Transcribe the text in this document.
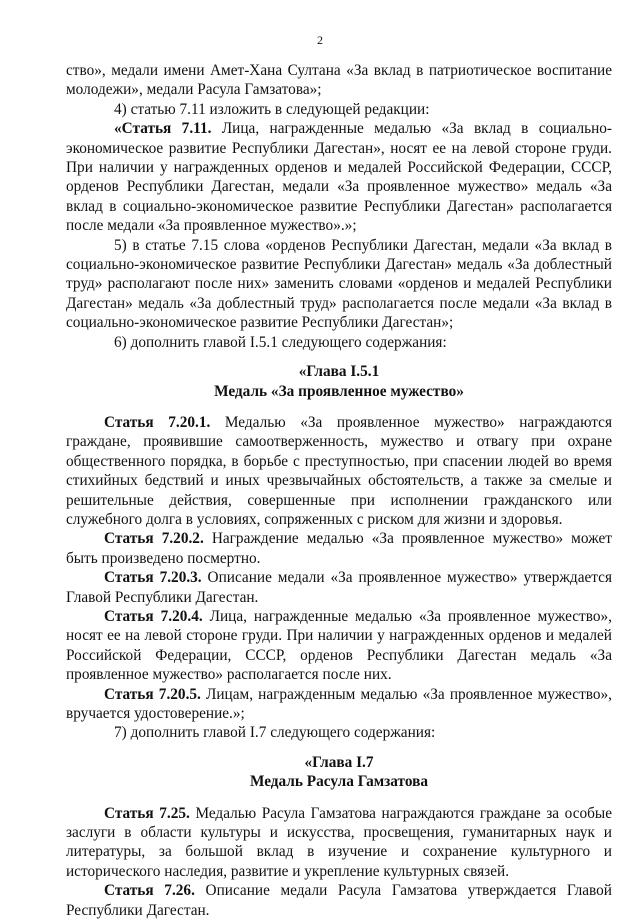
2

ство», медали имени Амет-Хана Султана «За вклад в патриотическое воспитание молодежи», медали Расула Гамзатова»;

4) статью 7.11 изложить в следующей редакции:

«Статья 7.11. Лица, награжденные медалью «За вклад в социально-экономическое развитие Республики Дагестан», носят ее на левой стороне груди. При наличии у награжденных орденов и медалей Российской Федерации, СССР, орденов Республики Дагестан, медали «За проявленное мужество» медаль «За вклад в социально-экономическое развитие Республики Дагестан» располагается после медали «За проявленное мужество».»;

5) в статье 7.15 слова «орденов Республики Дагестан, медали «За вклад в социально-экономическое развитие Республики Дагестан» медаль «За доблестный труд» располагают после них» заменить словами «орденов и медалей Республики Дагестан» медаль «За доблестный труд» располагается после медали «За вклад в социально-экономическое развитие Республики Дагестан»;

6) дополнить главой I.5.1 следующего содержания:

«Глава I.5.1

Медаль «За проявленное мужество»

Статья 7.20.1. Медалью «За проявленное мужество» награждаются граждане, проявившие самоотверженность, мужество и отвагу при охране общественного порядка, в борьбе с преступностью, при спасении людей во время стихийных бедствий и иных чрезвычайных обстоятельств, а также за смелые и решительные действия, совершенные при исполнении гражданского или служебного долга в условиях, сопряженных с риском для жизни и здоровья.

Статья 7.20.2. Награждение медалью «За проявленное мужество» может быть произведено посмертно.

Статья 7.20.3. Описание медали «За проявленное мужество» утверждается Главой Республики Дагестан.

Статья 7.20.4. Лица, награжденные медалью «За проявленное мужество», носят ее на левой стороне груди. При наличии у награжденных орденов и медалей Российской Федерации, СССР, орденов Республики Дагестан медаль «За проявленное мужество» располагается после них.

Статья 7.20.5. Лицам, награжденным медалью «За проявленное мужество», вручается удостоверение.»;

7) дополнить главой I.7 следующего содержания:

«Глава I.7

Медаль Расула Гамзатова

Статья 7.25. Медалью Расула Гамзатова награждаются граждане за особые заслуги в области культуры и искусства, просвещения, гуманитарных наук и литературы, за большой вклад в изучение и сохранение культурного и исторического наследия, развитие и укрепление культурных связей.

Статья 7.26. Описание медали Расула Гамзатова утверждается Главой Республики Дагестан.
